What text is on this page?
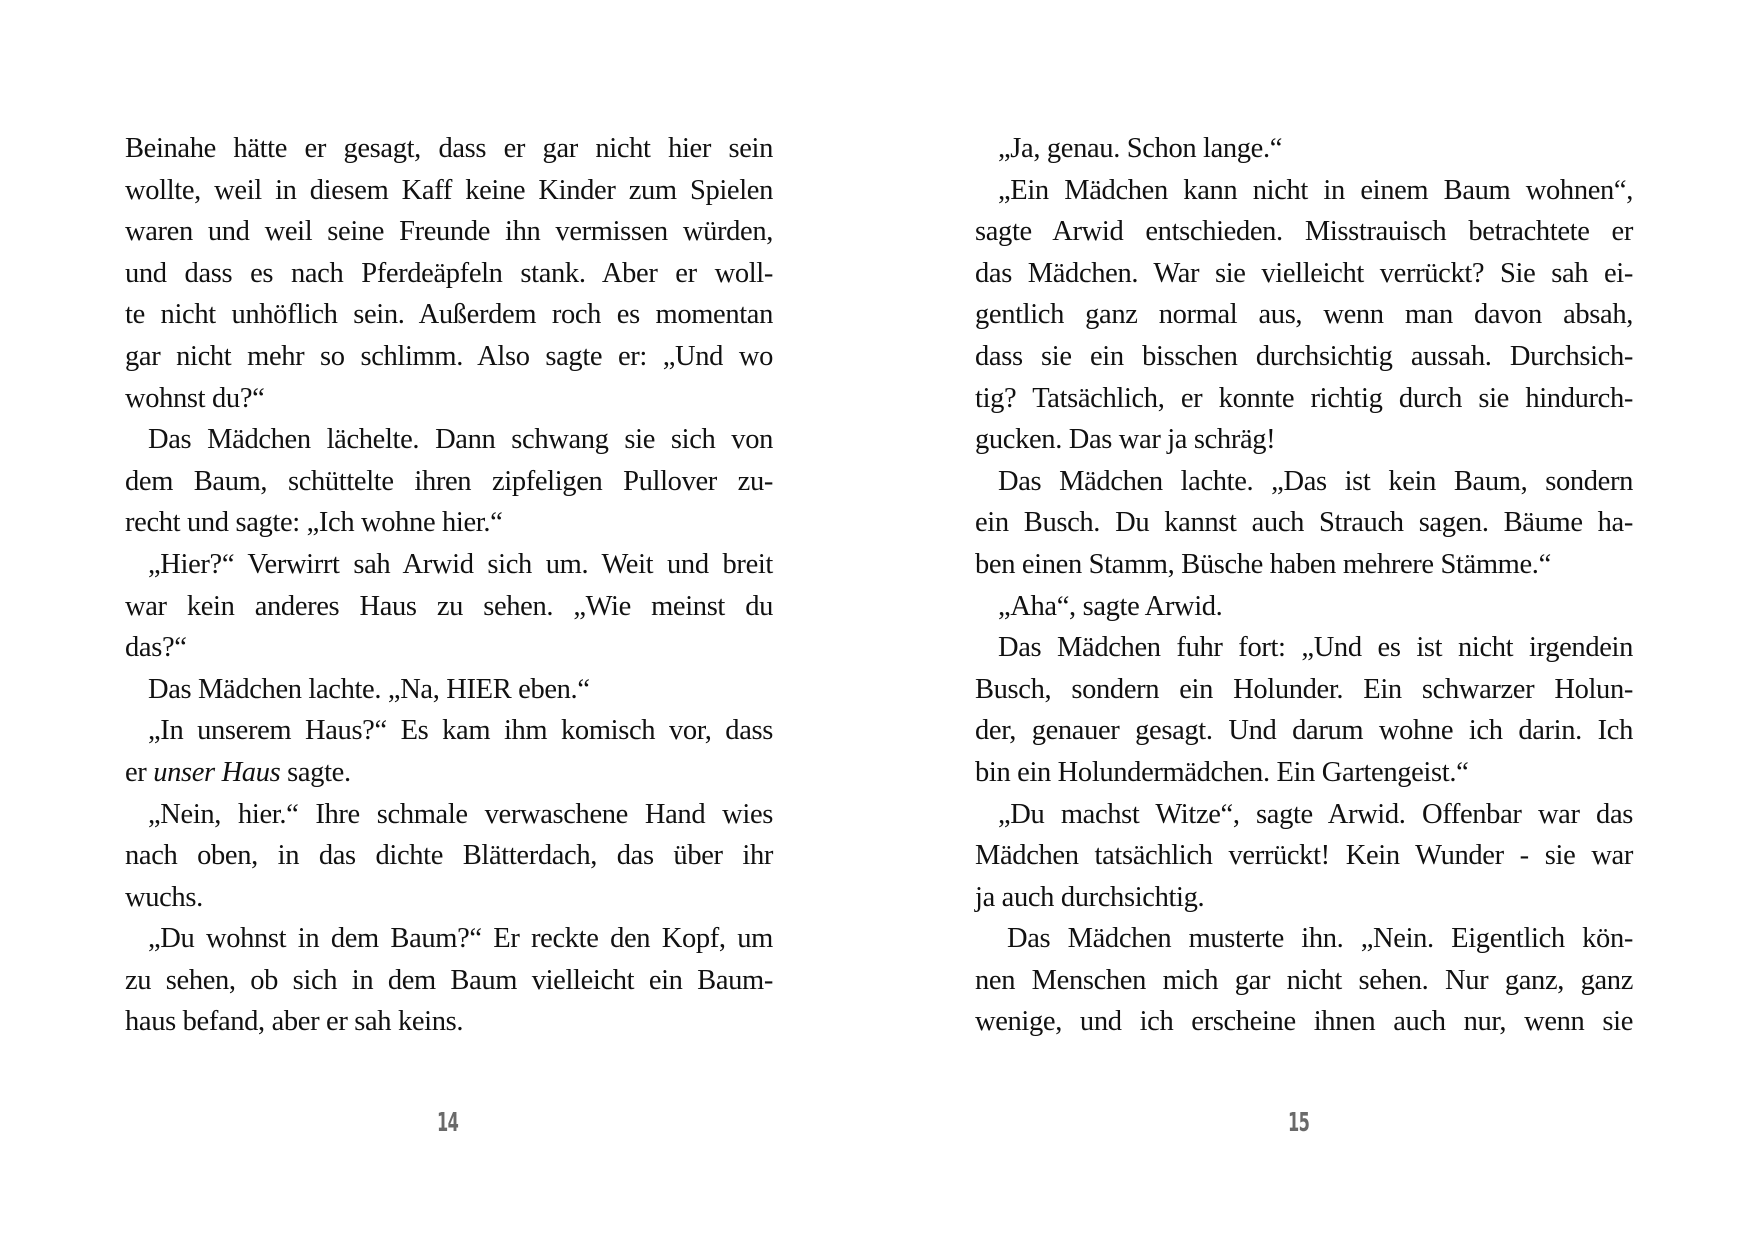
Beinahe hätte er gesagt, dass er gar nicht hier sein
wollte, weil in diesem Kaff keine Kinder zum Spielen
waren und weil seine Freunde ihn vermissen würden,
und dass es nach Pferdeäpfeln stank. Aber er woll-
te nicht unhöflich sein. Außerdem roch es momentan
gar nicht mehr so schlimm. Also sagte er: „Und wo
wohnst du?“
Das Mädchen lächelte. Dann schwang sie sich von
dem Baum, schüttelte ihren zipfeligen Pullover zu-
recht und sagte: „Ich wohne hier.“
„Hier?“ Verwirrt sah Arwid sich um. Weit und breit
war kein anderes Haus zu sehen. „Wie meinst du
das?“
Das Mädchen lachte. „Na, HIER eben.“
„In unserem Haus?“ Es kam ihm komisch vor, dass
er unser Haus sagte.
„Nein, hier.“ Ihre schmale verwaschene Hand wies
nach oben, in das dichte Blätterdach, das über ihr
wuchs.
„Du wohnst in dem Baum?“ Er reckte den Kopf, um
zu sehen, ob sich in dem Baum vielleicht ein Baum-
haus befand, aber er sah keins.
14
„Ja, genau. Schon lange.“
„Ein Mädchen kann nicht in einem Baum wohnen“,
sagte Arwid entschieden. Misstrauisch betrachtete er
das Mädchen. War sie vielleicht verrückt? Sie sah ei-
gentlich ganz normal aus, wenn man davon absah,
dass sie ein bisschen durchsichtig aussah. Durchsich-
tig? Tatsächlich, er konnte richtig durch sie hindurch-
gucken. Das war ja schräg!
Das Mädchen lachte. „Das ist kein Baum, sondern
ein Busch. Du kannst auch Strauch sagen. Bäume ha-
ben einen Stamm, Büsche haben mehrere Stämme.“
„Aha“, sagte Arwid.
Das Mädchen fuhr fort: „Und es ist nicht irgendein
Busch, sondern ein Holunder. Ein schwarzer Holun-
der, genauer gesagt. Und darum wohne ich darin. Ich
bin ein Holundermädchen. Ein Gartengeist.“
„Du machst Witze“, sagte Arwid. Offenbar war das
Mädchen tatsächlich verrückt! Kein Wunder - sie war
ja auch durchsichtig.
Das Mädchen musterte ihn. „Nein. Eigentlich kön-
nen Menschen mich gar nicht sehen. Nur ganz, ganz
wenige, und ich erscheine ihnen auch nur, wenn sie
15
